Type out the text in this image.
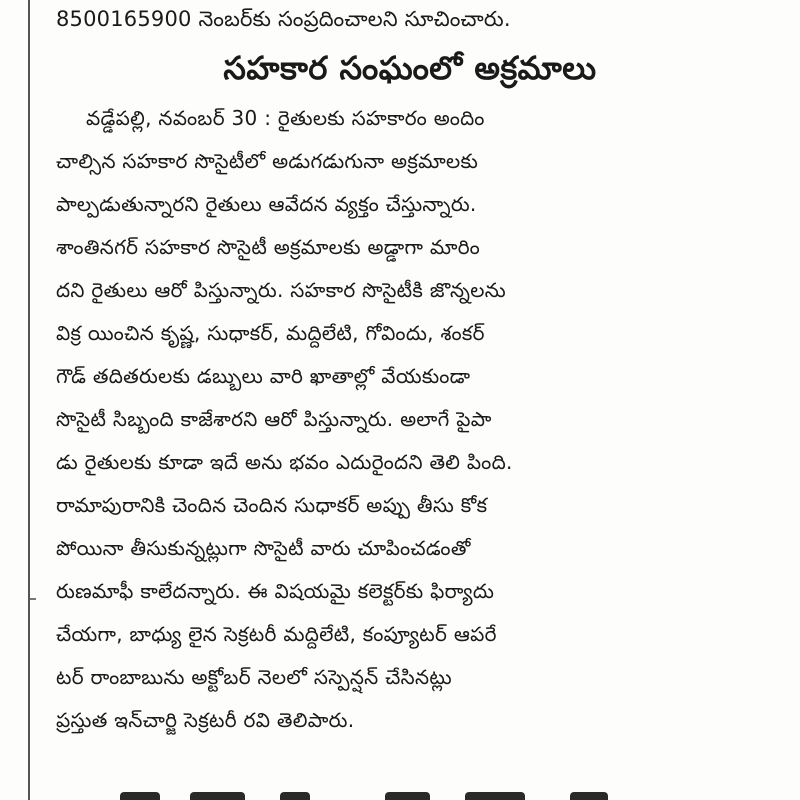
8500165900 నెంబర్‌కు సంప్రదించాలని సూచించారు.
సహకార సంఘంలో అక్రమాలు
వడ్డేపల్లి, నవంబర్ 30 : రైతులకు సహకారం అందిం
చాల్సిన సహకార సొసైటీలో అడుగడుగునా అక్రమాలకు
పాల్పడుతున్నారని రైతులు ఆవేదన వ్యక్తం చేస్తున్నారు.
శాంతినగర్ సహకార సొసైటీ అక్రమాలకు అడ్డాగా మారిం
దని రైతులు ఆరో పిస్తున్నారు. సహకార సొసైటీకి జొన్నలను
విక్ర యించిన కృష్ణ, సుధాకర్, మద్దిలేటి, గోవిందు, శంకర్
గౌడ్ తదితరులకు డబ్బులు వారి ఖాతాల్లో వేయకుండా
సొసైటీ సిబ్బంది కాజేశారని ఆరో పిస్తున్నారు. అలాగే పైపా
డు రైతులకు కూడా ఇదే అను భవం ఎదురైందని తెలి పింది.
రామాపురానికి చెందిన చెందిన సుధాకర్ అప్పు తీసు కోక
పోయినా తీసుకున్నట్లుగా సొసైటీ వారు చూపించడంతో
రుణమాఫీ కాలేదన్నారు. ఈ విషయమై కలెక్టర్‌కు ఫిర్యాదు
చేయగా, బాధ్యు లైన సెక్రటరీ మద్దిలేటి, కంప్యూటర్ ఆపరే
టర్ రాంబాబును అక్టోబర్ నెలలో సస్పెన్షన్ చేసినట్లు
ప్రస్తుత ఇన్‌చార్జి సెక్రటరీ రవి తెలిపారు.
